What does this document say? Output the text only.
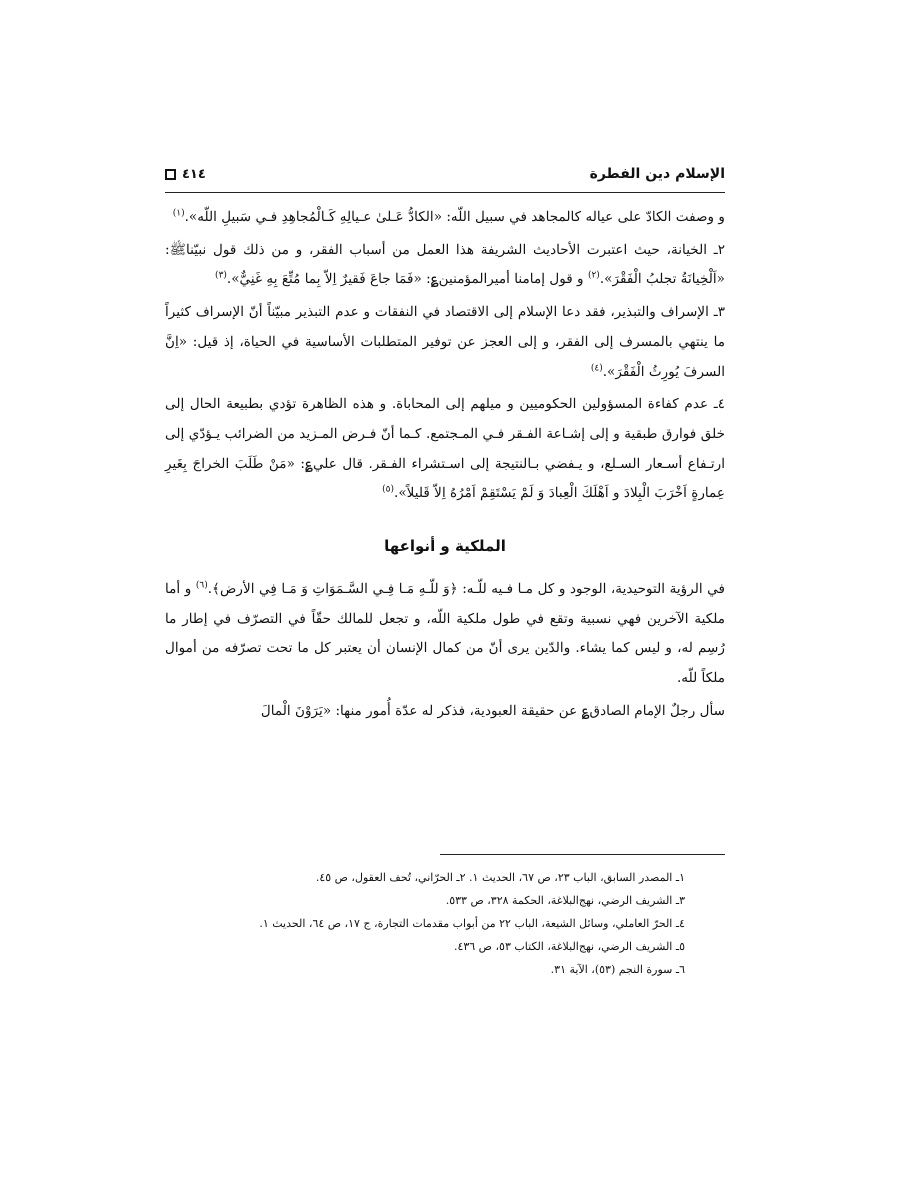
الإسلام دين الفطرة
٤١٤

و وصفت الكادّ على عياله كالمجاهد في سبيل اللّه: «الكادُّ عَـلىٰ عـيالِهِ كَـالْمُجاهِدِ فـي سَبيلِ اللّه».$^{(١)}$

٢ـ الخيانة، حيث اعتبرت الأحاديث الشريفة هذا العمل من أسباب الفقر، و من ذلك قول نبيّناﷺ: «اَلْخِيانَةُ تجلبُ الْفَقْرَ».$^{(٢)}$ و قول إمامنا أميرالمؤمنين؏: «فَمَا جاعَ فَقيرٌ اِلاّ بِما مُتِّعَ بِهِ غَنِيٌّ».$^{(٣)}$

٣ـ الإسراف والتبذير، فقد دعا الإسلام إلى الاقتصاد في النفقات و عدم التبذير مبيّناً أنّ الإسراف كثيراً ما ينتهي بالمسرف إلى الفقر، و إلى العجز عن توفير المتطلبات الأساسية في الحياة، إذ قيل: «اِنَّ السرفَ يُورِثُ الْفَقْرَ».$^{(٤)}$

٤ـ عدم كفاءة المسؤولين الحكوميين و ميلهم إلى المحاباة. و هذه الظاهرة تؤدي بطبيعة الحال إلى خلق فوارق طبقية و إلى إشـاعة الفـقر فـي المـجتمع. كـما أنّ فـرض المـزيد من الضرائب يـؤدّي إلى ارتـفاع أسـعار السـلع، و يـفضي بـالنتيجة إلى اسـتشراء الفـقر. قال علي؏: «مَنْ طَلَبَ الخراجَ بِغَيرِ عِمارةٍ اَخْرَبَ الْبِلادَ و اَهْلَكَ الْعِبادَ وَ لَمْ يَسْتَقِمْ اَمْرُهُ اِلاّ قَليلاً».$^{(٥)}$

الملكية و أنواعها

في الرؤية التوحيدية، الوجود و كل مـا فـيه للّـه: ﴿وَ للّـهِ مَـا فِـي السَّـمَوَاتِ وَ مَـا فِي الأرض﴾.$^{(٦)}$ و أما ملكية الآخرين فهي نسبية وتقع في طول ملكية اللّه، و تجعل للمالك حقّاً في التصرّف في إطار ما رُسِم له، و ليس كما يشاء. والدّين يرى أنّ من كمال الإنسان أن يعتبر كل ما تحت تصرّفه من أموال ملكاً للّه.

سأل رجلٌ الإمام الصادق؏ عن حقيقة العبودية، فذكر له عدّة أُمور منها: «يَرَوْنَ الْمالَ

١ـ المصدر السابق، الباب ٢٣، ص ٦٧، الحديث ١. ٢ـ الحرّاني، تُحف العقول، ص ٤٥.
٣ـ الشريف الرضي، نهج‌البلاغة، الحكمة ٣٢٨، ص ٥٣٣.
٤ـ الحرّ العاملي، وسائل الشيعة، الباب ٢٢ من أبواب مقدمات التجارة، ج ١٧، ص ٦٤، الحديث ١.
٥ـ الشريف الرضي، نهج‌البلاغة، الكتاب ٥٣، ص ٤٣٦.
٦ـ سورة النجم (٥٣)، الآية ٣١.
